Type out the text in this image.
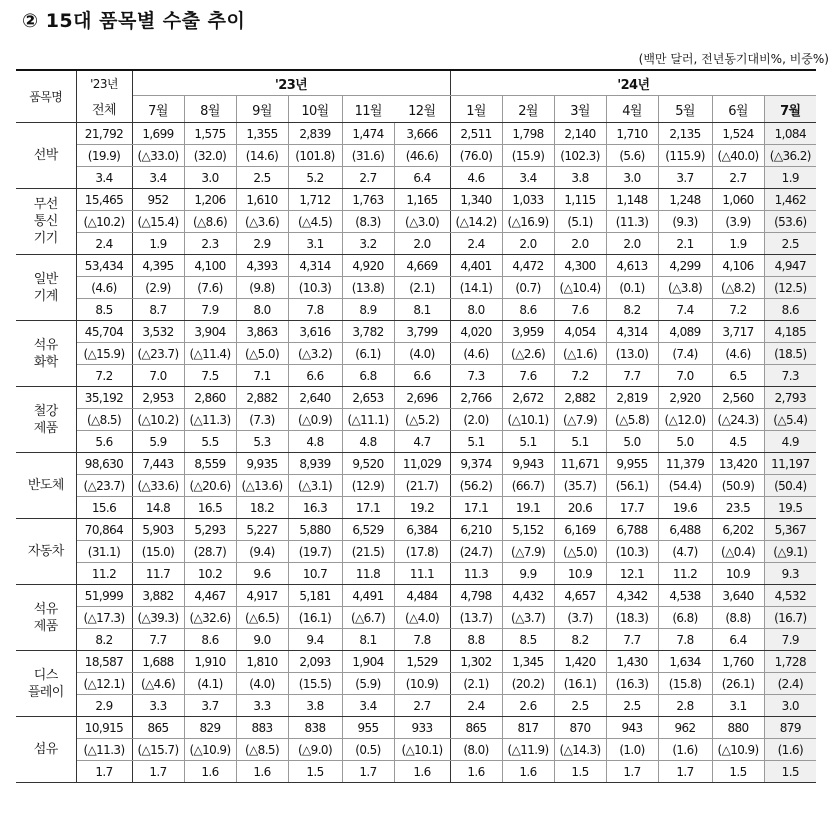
② 15대 품목별 수출 추이
(백만 달러, 전년동기대비%, 비중%)
품목명	'23년	'23년						'24년						
	전체	7월	8월	9월	10월	11월	12월	1월	2월	3월	4월	5월	6월	7월

선박	21,792	1,699	1,575	1,355	2,839	1,474	3,666	2,511	1,798	2,140	1,710	2,135	1,524	1,084
	(19.9)	(△33.0)	(32.0)	(14.6)	(101.8)	(31.6)	(46.6)	(76.0)	(15.9)	(102.3)	(5.6)	(115.9)	(△40.0)	(△36.2)
	3.4	3.4	3.0	2.5	5.2	2.7	6.4	4.6	3.4	3.8	3.0	3.7	2.7	1.9

무선
통신
기기	15,465	952	1,206	1,610	1,712	1,763	1,165	1,340	1,033	1,115	1,148	1,248	1,060	1,462
	(△10.2)	(△15.4)	(△8.6)	(△3.6)	(△4.5)	(8.3)	(△3.0)	(△14.2)	(△16.9)	(5.1)	(11.3)	(9.3)	(3.9)	(53.6)
	2.4	1.9	2.3	2.9	3.1	3.2	2.0	2.4	2.0	2.0	2.0	2.1	1.9	2.5

일반
기계	53,434	4,395	4,100	4,393	4,314	4,920	4,669	4,401	4,472	4,300	4,613	4,299	4,106	4,947
	(4.6)	(2.9)	(7.6)	(9.8)	(10.3)	(13.8)	(2.1)	(14.1)	(0.7)	(△10.4)	(0.1)	(△3.8)	(△8.2)	(12.5)
	8.5	8.7	7.9	8.0	7.8	8.9	8.1	8.0	8.6	7.6	8.2	7.4	7.2	8.6

석유
화학	45,704	3,532	3,904	3,863	3,616	3,782	3,799	4,020	3,959	4,054	4,314	4,089	3,717	4,185
	(△15.9)	(△23.7)	(△11.4)	(△5.0)	(△3.2)	(6.1)	(4.0)	(4.6)	(△2.6)	(△1.6)	(13.0)	(7.4)	(4.6)	(18.5)
	7.2	7.0	7.5	7.1	6.6	6.8	6.6	7.3	7.6	7.2	7.7	7.0	6.5	7.3

철강
제품	35,192	2,953	2,860	2,882	2,640	2,653	2,696	2,766	2,672	2,882	2,819	2,920	2,560	2,793
	(△8.5)	(△10.2)	(△11.3)	(7.3)	(△0.9)	(△11.1)	(△5.2)	(2.0)	(△10.1)	(△7.9)	(△5.8)	(△12.0)	(△24.3)	(△5.4)
	5.6	5.9	5.5	5.3	4.8	4.8	4.7	5.1	5.1	5.1	5.0	5.0	4.5	4.9

반도체	98,630	7,443	8,559	9,935	8,939	9,520	11,029	9,374	9,943	11,671	9,955	11,379	13,420	11,197
	(△23.7)	(△33.6)	(△20.6)	(△13.6)	(△3.1)	(12.9)	(21.7)	(56.2)	(66.7)	(35.7)	(56.1)	(54.4)	(50.9)	(50.4)
	15.6	14.8	16.5	18.2	16.3	17.1	19.2	17.1	19.1	20.6	17.7	19.6	23.5	19.5

자동차	70,864	5,903	5,293	5,227	5,880	6,529	6,384	6,210	5,152	6,169	6,788	6,488	6,202	5,367
	(31.1)	(15.0)	(28.7)	(9.4)	(19.7)	(21.5)	(17.8)	(24.7)	(△7.9)	(△5.0)	(10.3)	(4.7)	(△0.4)	(△9.1)
	11.2	11.7	10.2	9.6	10.7	11.8	11.1	11.3	9.9	10.9	12.1	11.2	10.9	9.3

석유
제품	51,999	3,882	4,467	4,917	5,181	4,491	4,484	4,798	4,432	4,657	4,342	4,538	3,640	4,532
	(△17.3)	(△39.3)	(△32.6)	(△6.5)	(16.1)	(△6.7)	(△4.0)	(13.7)	(△3.7)	(3.7)	(18.3)	(6.8)	(8.8)	(16.7)
	8.2	7.7	8.6	9.0	9.4	8.1	7.8	8.8	8.5	8.2	7.7	7.8	6.4	7.9

디스
플레이	18,587	1,688	1,910	1,810	2,093	1,904	1,529	1,302	1,345	1,420	1,430	1,634	1,760	1,728
	(△12.1)	(△4.6)	(4.1)	(4.0)	(15.5)	(5.9)	(10.9)	(2.1)	(20.2)	(16.1)	(16.3)	(15.8)	(26.1)	(2.4)
	2.9	3.3	3.7	3.3	3.8	3.4	2.7	2.4	2.6	2.5	2.5	2.8	3.1	3.0

섬유	10,915	865	829	883	838	955	933	865	817	870	943	962	880	879
	(△11.3)	(△15.7)	(△10.9)	(△8.5)	(△9.0)	(0.5)	(△10.1)	(8.0)	(△11.9)	(△14.3)	(1.0)	(1.6)	(△10.9)	(1.6)
	1.7	1.7	1.6	1.6	1.5	1.7	1.6	1.6	1.6	1.5	1.7	1.7	1.5	1.5
